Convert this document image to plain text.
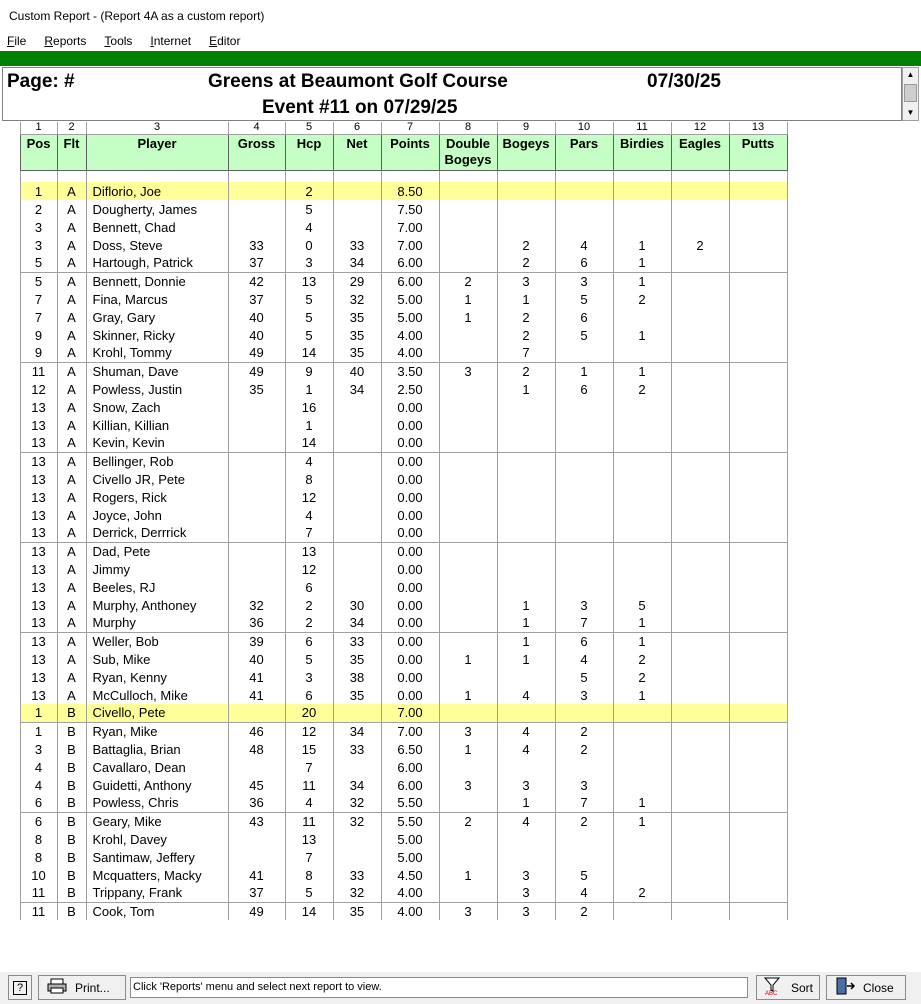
Custom Report - (Report 4A as a custom report)
File	Reports	Tools	Internet	Editor
Page: #	Greens at Beaumont Golf Course	07/30/25
Event #11 on 07/29/25
▲
▼
	1	2	3	4	5	6	7	8	9	10	11	12	13
	Pos	Flt	Player	Gross	Hcp	Net	Points	Double Bogeys	Bogeys	Pars	Birdies	Eagles	Putts

	1	A	Diflorio, Joe		2		8.50						
	2	A	Dougherty, James		5		7.50						
	3	A	Bennett, Chad		4		7.00						
	3	A	Doss, Steve	33	0	33	7.00		2	4	1	2	
	5	A	Hartough, Patrick	37	3	34	6.00		2	6	1		
	5	A	Bennett, Donnie	42	13	29	6.00	2	3	3	1		
	7	A	Fina, Marcus	37	5	32	5.00	1	1	5	2		
	7	A	Gray, Gary	40	5	35	5.00	1	2	6			
	9	A	Skinner, Ricky	40	5	35	4.00		2	5	1		
	9	A	Krohl, Tommy	49	14	35	4.00		7				
	11	A	Shuman, Dave	49	9	40	3.50	3	2	1	1		
	12	A	Powless, Justin	35	1	34	2.50		1	6	2		
	13	A	Snow, Zach		16		0.00						
	13	A	Killian, Killian		1		0.00						
	13	A	Kevin, Kevin		14		0.00						
	13	A	Bellinger, Rob		4		0.00						
	13	A	Civello JR, Pete		8		0.00						
	13	A	Rogers, Rick		12		0.00						
	13	A	Joyce, John		4		0.00						
	13	A	Derrick, Derrrick		7		0.00						
	13	A	Dad, Pete		13		0.00						
	13	A	Jimmy		12		0.00						
	13	A	Beeles, RJ		6		0.00						
	13	A	Murphy, Anthoney	32	2	30	0.00		1	3	5		
	13	A	Murphy	36	2	34	0.00		1	7	1		
	13	A	Weller, Bob	39	6	33	0.00		1	6	1		
	13	A	Sub, Mike	40	5	35	0.00	1	1	4	2		
	13	A	Ryan, Kenny	41	3	38	0.00			5	2		
	13	A	McCulloch, Mike	41	6	35	0.00	1	4	3	1		
	1	B	Civello, Pete		20		7.00						
	1	B	Ryan, Mike	46	12	34	7.00	3	4	2			
	3	B	Battaglia, Brian	48	15	33	6.50	1	4	2			
	4	B	Cavallaro, Dean		7		6.00						
	4	B	Guidetti, Anthony	45	11	34	6.00	3	3	3			
	6	B	Powless, Chris	36	4	32	5.50		1	7	1		
	6	B	Geary, Mike	43	11	32	5.50	2	4	2	1		
	8	B	Krohl, Davey		13		5.00						
	8	B	Santimaw, Jeffery		7		5.00						
	10	B	Mcquatters, Macky	41	8	33	4.50	1	3	5			
	11	B	Trippany, Frank	37	5	32	4.00		3	4	2		
	11	B	Cook, Tom	49	14	35	4.00	3	3	2			
?	Print... Click 'Reports' menu and select next report to view.
ABC Sort	Close
